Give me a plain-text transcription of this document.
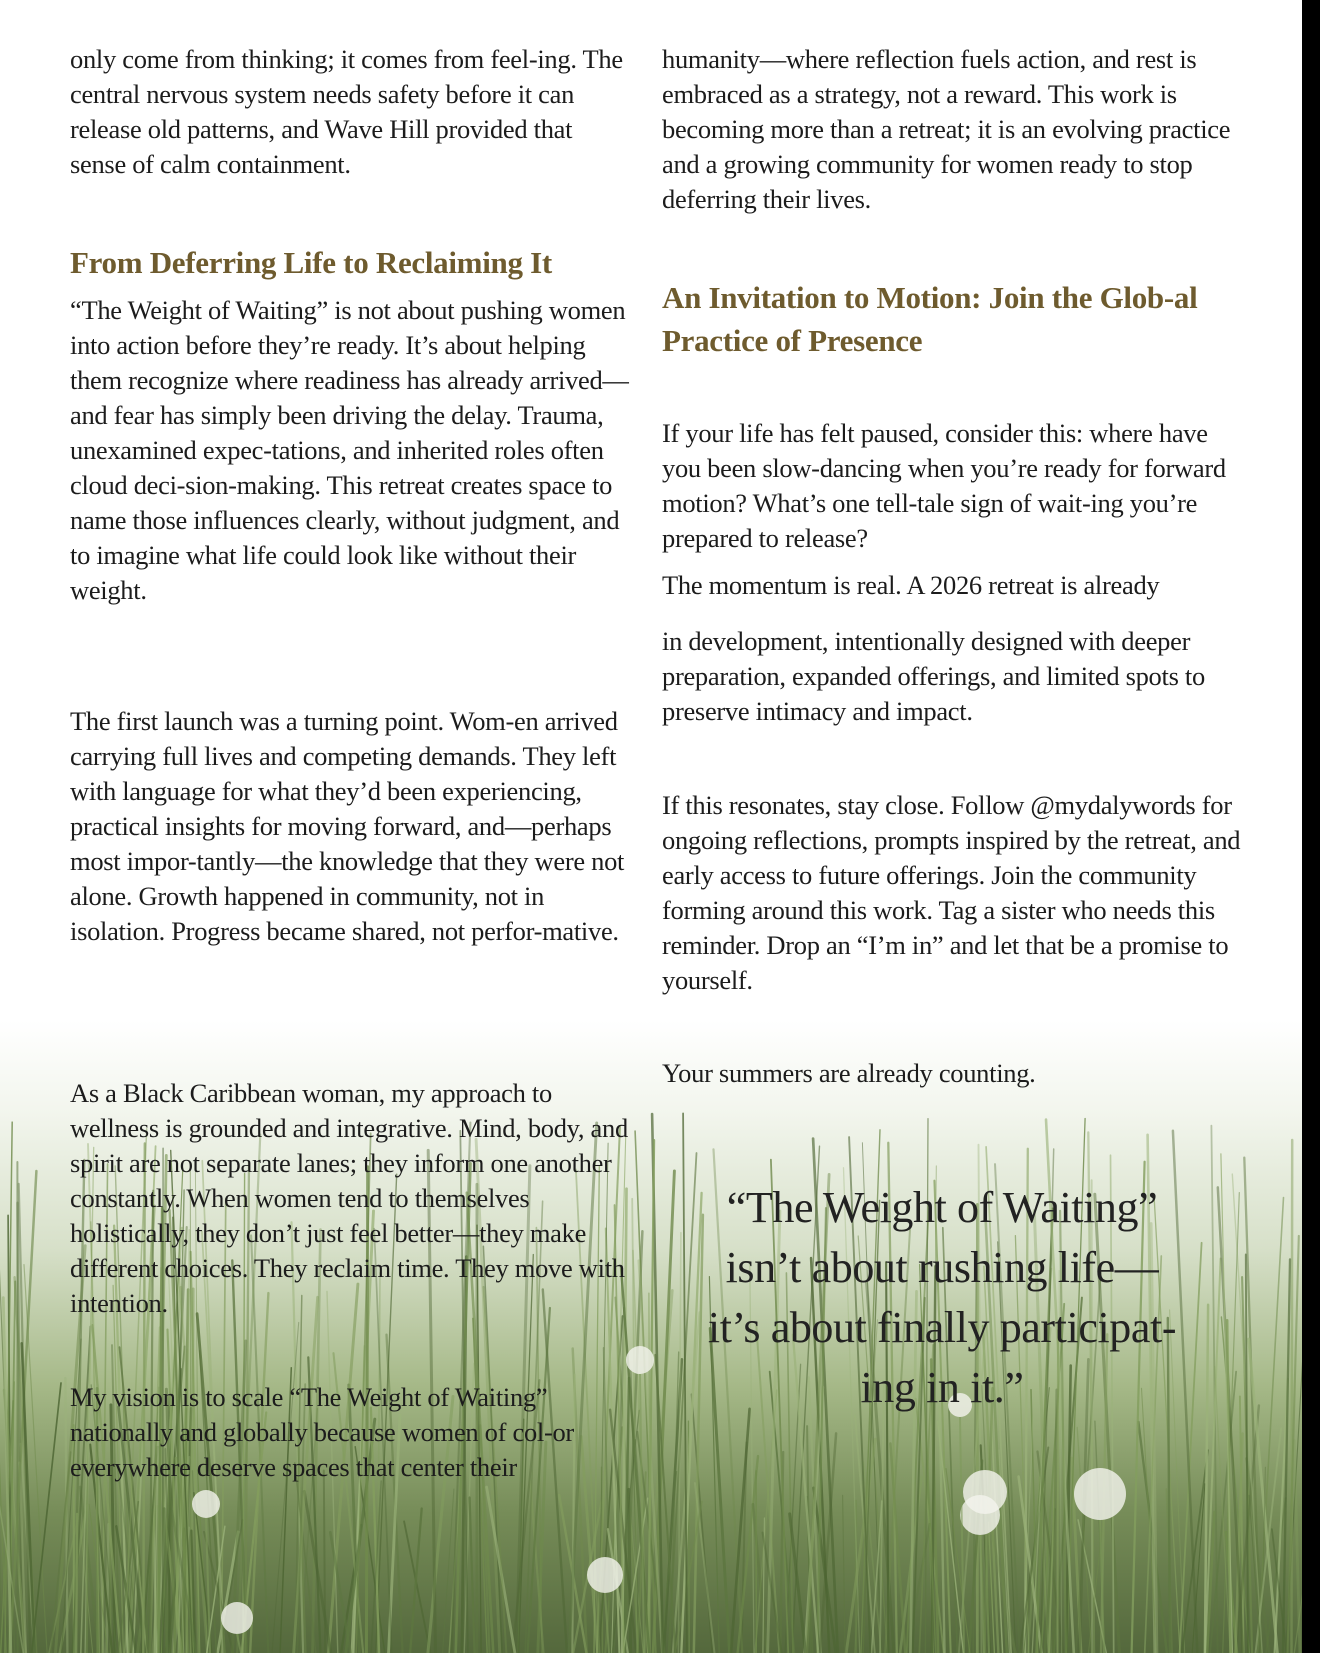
only come from thinking; it comes from feel-ing. The central nervous system needs safety before it can release old patterns, and Wave Hill provided that sense of calm containment.

From Deferring Life to Reclaiming It

“The Weight of Waiting” is not about pushing women into action before they’re ready. It’s about helping them recognize where readiness has already arrived—and fear has simply been driving the delay. Trauma, unexamined expec-tations, and inherited roles often cloud deci-sion-making. This retreat creates space to name those influences clearly, without judgment, and to imagine what life could look like without their weight.

The first launch was a turning point. Wom-en arrived carrying full lives and competing demands. They left with language for what they’d been experiencing, practical insights for moving forward, and—perhaps most impor-tantly—the knowledge that they were not alone. Growth happened in community, not in isolation. Progress became shared, not perfor-mative.

As a Black Caribbean woman, my approach to wellness is grounded and integrative. Mind, body, and spirit are not separate lanes; they inform one another constantly. When women tend to themselves holistically, they don’t just feel better—they make different choices. They reclaim time. They move with intention.

My vision is to scale “The Weight of Waiting” nationally and globally because women of col-or everywhere deserve spaces that center their

humanity—where reflection fuels action, and rest is embraced as a strategy, not a reward. This work is becoming more than a retreat; it is an evolving practice and a growing community for women ready to stop deferring their lives.

An Invitation to Motion: Join the Glob-al Practice of Presence

If your life has felt paused, consider this: where have you been slow-dancing when you’re ready for forward motion? What’s one tell-tale sign of wait-ing you’re prepared to release?

The momentum is real. A 2026 retreat is already

in development, intentionally designed with deeper preparation, expanded offerings, and limited spots to preserve intimacy and impact.

If this resonates, stay close. Follow @mydalywords for ongoing reflections, prompts inspired by the retreat, and early access to future offerings. Join the community forming around this work. Tag a sister who needs this reminder. Drop an “I’m in” and let that be a promise to yourself.

Your summers are already counting.

“The Weight of Waiting”
isn’t about rushing life—
it’s about finally participat-
ing in it.”
